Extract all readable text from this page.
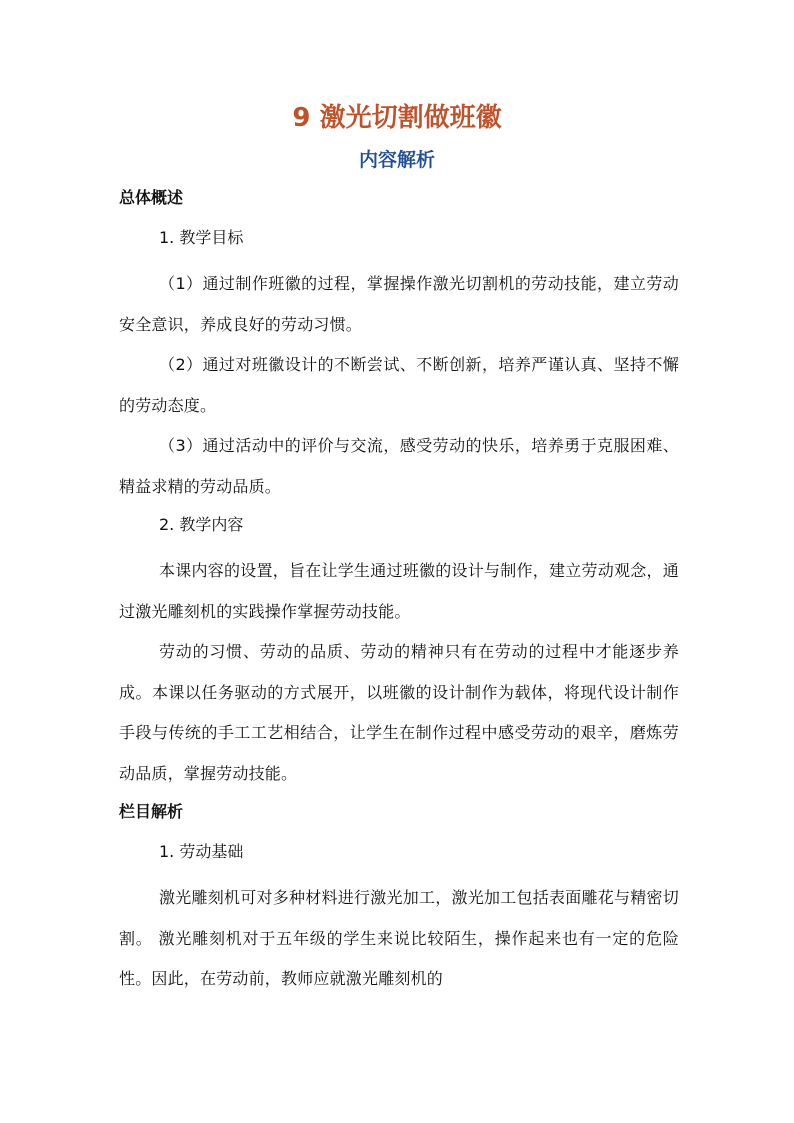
9 激光切割做班徽
内容解析
总体概述
1. 教学目标

（1）通过制作班徽的过程，掌握操作激光切割机的劳动技能，建立劳动安全意识，养成良好的劳动习惯。

（2）通过对班徽设计的不断尝试、不断创新，培养严谨认真、坚持不懈的劳动态度。

（3）通过活动中的评价与交流，感受劳动的快乐，培养勇于克服困难、精益求精的劳动品质。

2. 教学内容

本课内容的设置，旨在让学生通过班徽的设计与制作，建立劳动观念，通过激光雕刻机的实践操作掌握劳动技能。

劳动的习惯、劳动的品质、劳动的精神只有在劳动的过程中才能逐步养成。本课以任务驱动的方式展开，以班徽的设计制作为载体，将现代设计制作手段与传统的手工工艺相结合，让学生在制作过程中感受劳动的艰辛，磨炼劳动品质，掌握劳动技能。

栏目解析
1. 劳动基础

激光雕刻机可对多种材料进行激光加工，激光加工包括表面雕花与精密切割。 激光雕刻机对于五年级的学生来说比较陌生，操作起来也有一定的危险性。因此，在劳动前，教师应就激光雕刻机的
